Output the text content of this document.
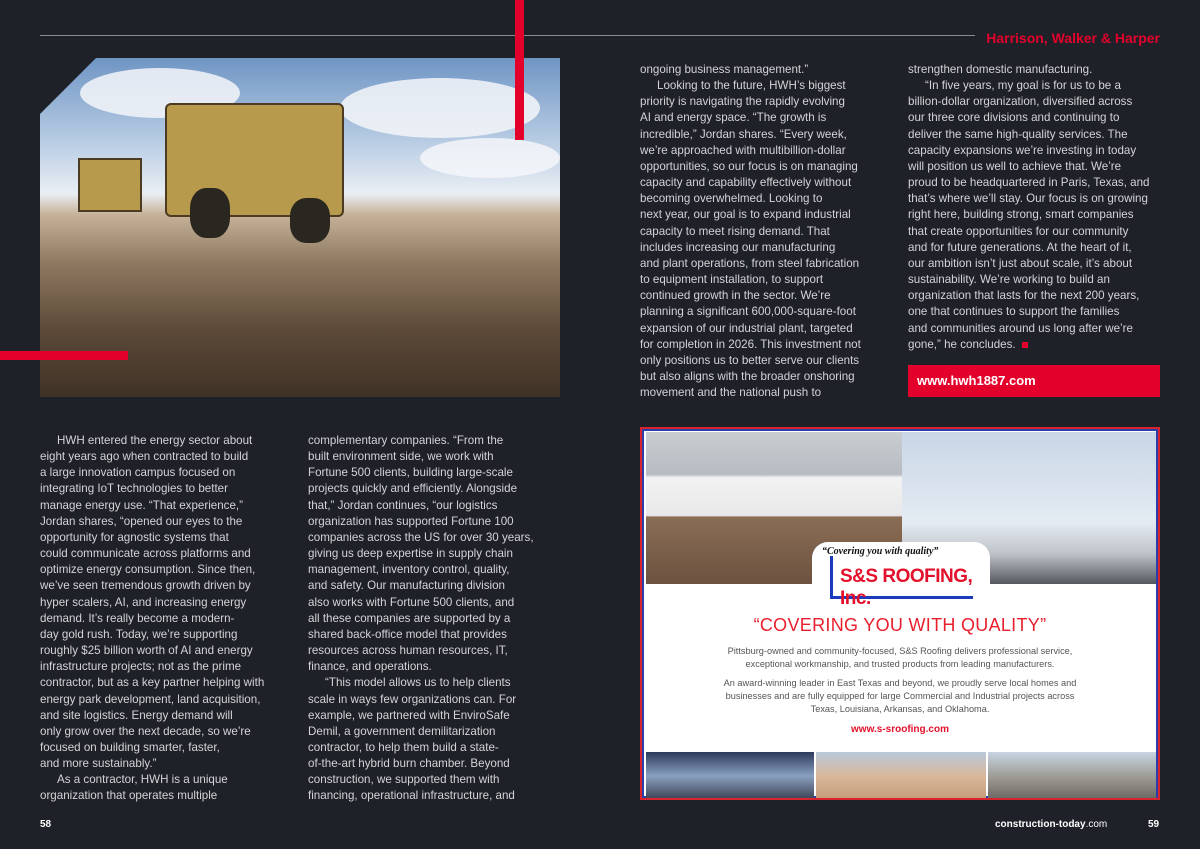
Harrison, Walker & Harper
HWH entered the energy sector about
eight years ago when contracted to build
a large innovation campus focused on
integrating IoT technologies to better
manage energy use. “That experience,”
Jordan shares, “opened our eyes to the
opportunity for agnostic systems that
could communicate across platforms and
optimize energy consumption. Since then,
we’ve seen tremendous growth driven by
hyper scalers, AI, and increasing energy
demand. It’s really become a modern-
day gold rush. Today, we’re supporting
roughly $25 billion worth of AI and energy
infrastructure projects; not as the prime
contractor, but as a key partner helping with
energy park development, land acquisition,
and site logistics. Energy demand will
only grow over the next decade, so we’re
focused on building smarter, faster,
and more sustainably.”
As a contractor, HWH is a unique
organization that operates multiple
complementary companies. “From the
built environment side, we work with
Fortune 500 clients, building large-scale
projects quickly and efficiently. Alongside
that,” Jordan continues, “our logistics
organization has supported Fortune 100
companies across the US for over 30 years,
giving us deep expertise in supply chain
management, inventory control, quality,
and safety. Our manufacturing division
also works with Fortune 500 clients, and
all these companies are supported by a
shared back-office model that provides
resources across human resources, IT,
finance, and operations.
“This model allows us to help clients
scale in ways few organizations can. For
example, we partnered with EnviroSafe
Demil, a government demilitarization
contractor, to help them build a state-
of-the-art hybrid burn chamber. Beyond
construction, we supported them with
financing, operational infrastructure, and
ongoing business management.”
Looking to the future, HWH’s biggest
priority is navigating the rapidly evolving
AI and energy space. “The growth is
incredible,” Jordan shares. “Every week,
we’re approached with multibillion-dollar
opportunities, so our focus is on managing
capacity and capability effectively without
becoming overwhelmed. Looking to
next year, our goal is to expand industrial
capacity to meet rising demand. That
includes increasing our manufacturing
and plant operations, from steel fabrication
to equipment installation, to support
continued growth in the sector. We’re
planning a significant 600,000-square-foot
expansion of our industrial plant, targeted
for completion in 2026. This investment not
only positions us to better serve our clients
but also aligns with the broader onshoring
movement and the national push to
strengthen domestic manufacturing.
“In five years, my goal is for us to be a
billion-dollar organization, diversified across
our three core divisions and continuing to
deliver the same high-quality services. The
capacity expansions we’re investing in today
will position us well to achieve that. We’re
proud to be headquartered in Paris, Texas, and
that’s where we’ll stay. Our focus is on growing
right here, building strong, smart companies
that create opportunities for our community
and for future generations. At the heart of it,
our ambition isn’t just about scale, it’s about
sustainability. We’re working to build an
organization that lasts for the next 200 years,
one that continues to support the families
and communities around us long after we’re
gone,” he concludes.
www.hwh1887.com
“Covering you with quality”
S&S ROOFING, Inc.
“COVERING YOU WITH QUALITY”
Pittsburg-owned and community-focused, S&S Roofing delivers professional service, exceptional workmanship, and trusted products from leading manufacturers.
An award-winning leader in East Texas and beyond, we proudly serve local homes and businesses and are fully equipped for large Commercial and Industrial projects across Texas, Louisiana, Arkansas, and Oklahoma.
www.s-sroofing.com
58	construction-today.com	59
